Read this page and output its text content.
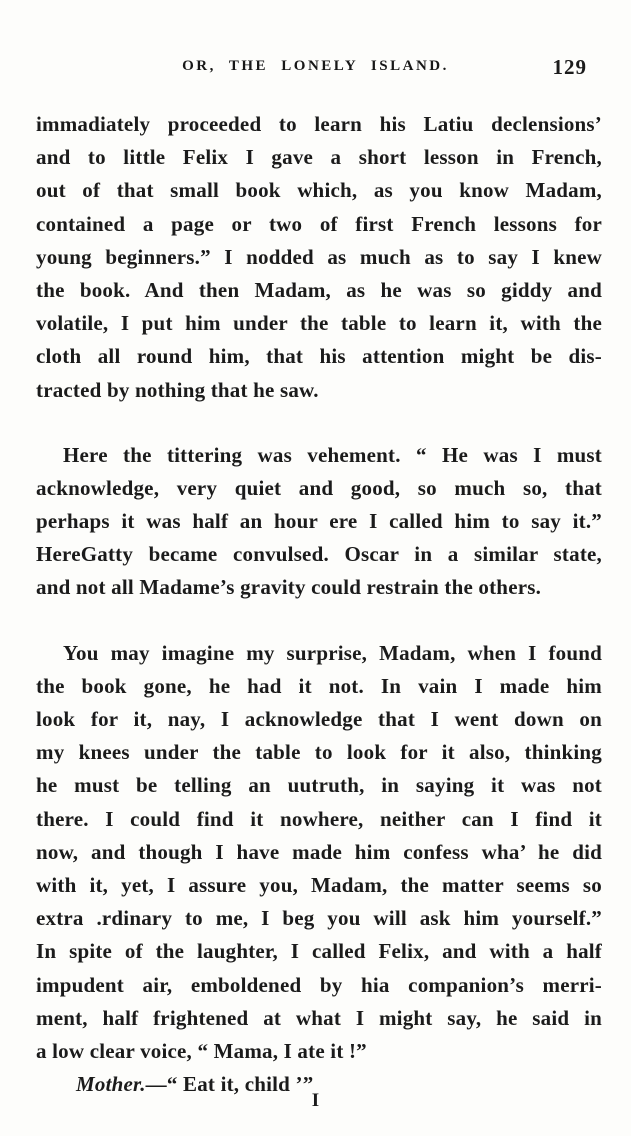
OR, THE LONELY ISLAND.	129
immadiately proceeded to learn his Latiu declensions’
and to little Felix I gave a short lesson in French,
out of that small book which, as you know Madam,
contained a page or two of first French lessons for
young beginners.” I nodded as much as to say I knew
the book. And then Madam, as he was so giddy and
volatile, I put him under the table to learn it, with the
cloth all round him, that his attention might be dis-
tracted by nothing that he saw.
Here the tittering was vehement. “ He was I must
acknowledge, very quiet and good, so much so, that
perhaps it was half an hour ere I called him to say it.”
HereGatty became convulsed. Oscar in a similar state,
and not all Madame’s gravity could restrain the others.
You may imagine my surprise, Madam, when I found
the book gone, he had it not. In vain I made him
look for it, nay, I acknowledge that I went down on
my knees under the table to look for it also, thinking
he must be telling an uutruth, in saying it was not
there. I could find it nowhere, neither can I find it
now, and though I have made him confess wha’ he did
with it, yet, I assure you, Madam, the matter seems so
extra .rdinary to me, I beg you will ask him yourself.”
In spite of the laughter, I called Felix, and with a half
impudent air, emboldened by hia companion’s merri-
ment, half frightened at what I might say, he said in
a low clear voice, “ Mama, I ate it !”
Mother.—“ Eat it, child ’”
I
